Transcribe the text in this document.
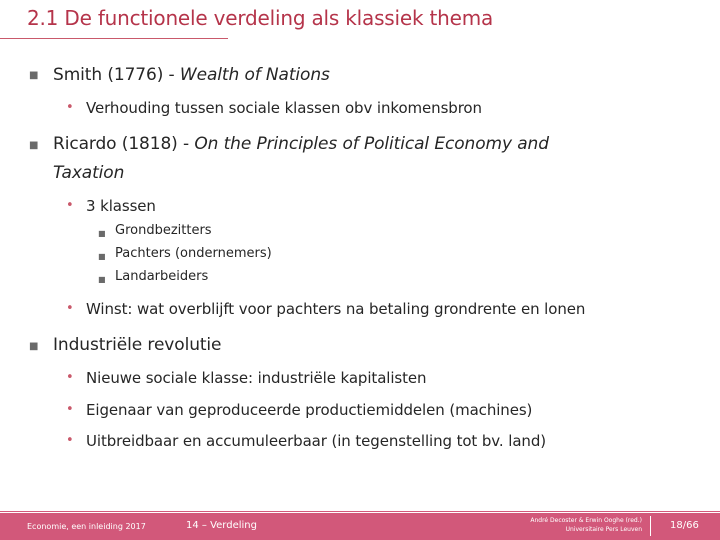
2.1 De functionele verdeling als klassiek thema
■ Smith (1776) - Wealth of Nations
• Verhouding tussen sociale klassen obv inkomensbron
■ Ricardo (1818) - On the Principles of Political Economy and
Taxation
• 3 klassen
■ Grondbezitters
■ Pachters (ondernemers)
■ Landarbeiders
• Winst: wat overblijft voor pachters na betaling grondrente en lonen
■ Industriële revolutie
• Nieuwe sociale klasse: industriële kapitalisten
• Eigenaar van geproduceerde productiemiddelen (machines)
• Uitbreidbaar en accumuleerbaar (in tegenstelling tot bv. land)
Economie, een inleiding 2017	14 – Verdeling	André Decoster & Erwin Ooghe (red.)
Universitaire Pers Leuven	18/66
